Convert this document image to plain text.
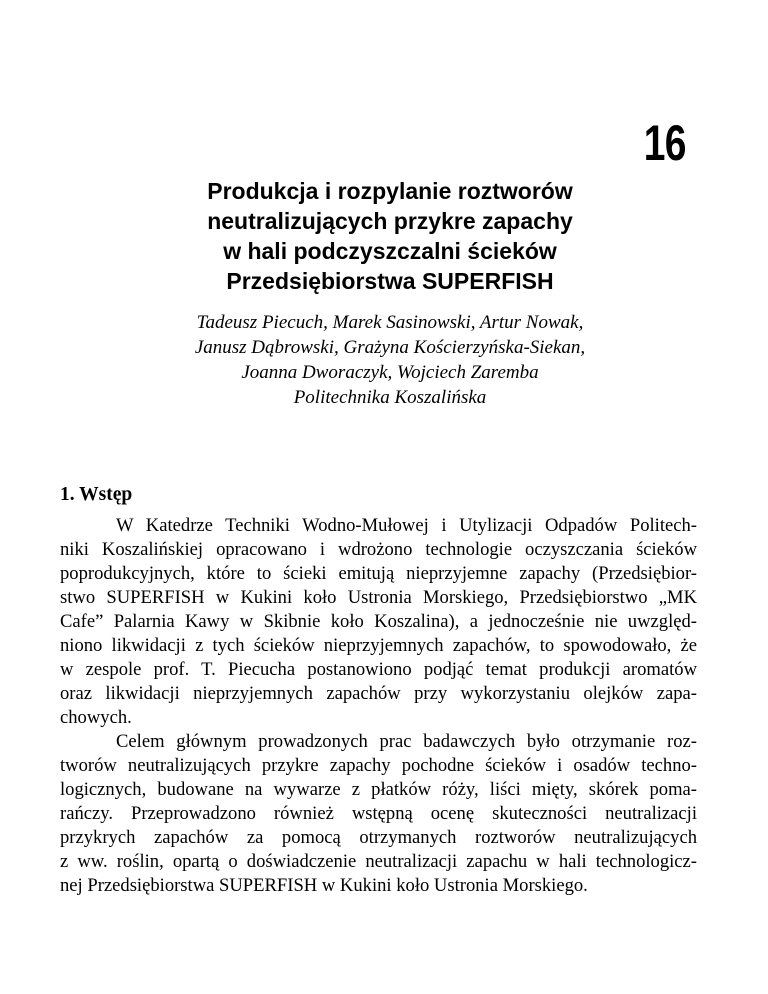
16
Produkcja i rozpylanie roztworów
neutralizujących przykre zapachy
w hali podczyszczalni ścieków
Przedsiębiorstwa SUPERFISH
Tadeusz Piecuch, Marek Sasinowski, Artur Nowak,
Janusz Dąbrowski, Grażyna Kościerzyńska-Siekan,
Joanna Dworaczyk, Wojciech Zaremba
Politechnika Koszalińska
1. Wstęp
W Katedrze Techniki Wodno-Mułowej i Utylizacji Odpadów Politech-
niki Koszalińskiej opracowano i wdrożono technologie oczyszczania ścieków
poprodukcyjnych, które to ścieki emitują nieprzyjemne zapachy (Przedsiębior-
stwo SUPERFISH w Kukini koło Ustronia Morskiego, Przedsiębiorstwo „MK
Cafe” Palarnia Kawy w Skibnie koło Koszalina), a jednocześnie nie uwzględ-
niono likwidacji z tych ścieków nieprzyjemnych zapachów, to spowodowało, że
w zespole prof. T. Piecucha postanowiono podjąć temat produkcji aromatów
oraz likwidacji nieprzyjemnych zapachów przy wykorzystaniu olejków zapa-
chowych.
Celem głównym prowadzonych prac badawczych było otrzymanie roz-
tworów neutralizujących przykre zapachy pochodne ścieków i osadów techno-
logicznych, budowane na wywarze z płatków róży, liści mięty, skórek poma-
rańczy. Przeprowadzono również wstępną ocenę skuteczności neutralizacji
przykrych zapachów za pomocą otrzymanych roztworów neutralizujących
z ww. roślin, opartą o doświadczenie neutralizacji zapachu w hali technologicz-
nej Przedsiębiorstwa SUPERFISH w Kukini koło Ustronia Morskiego.
